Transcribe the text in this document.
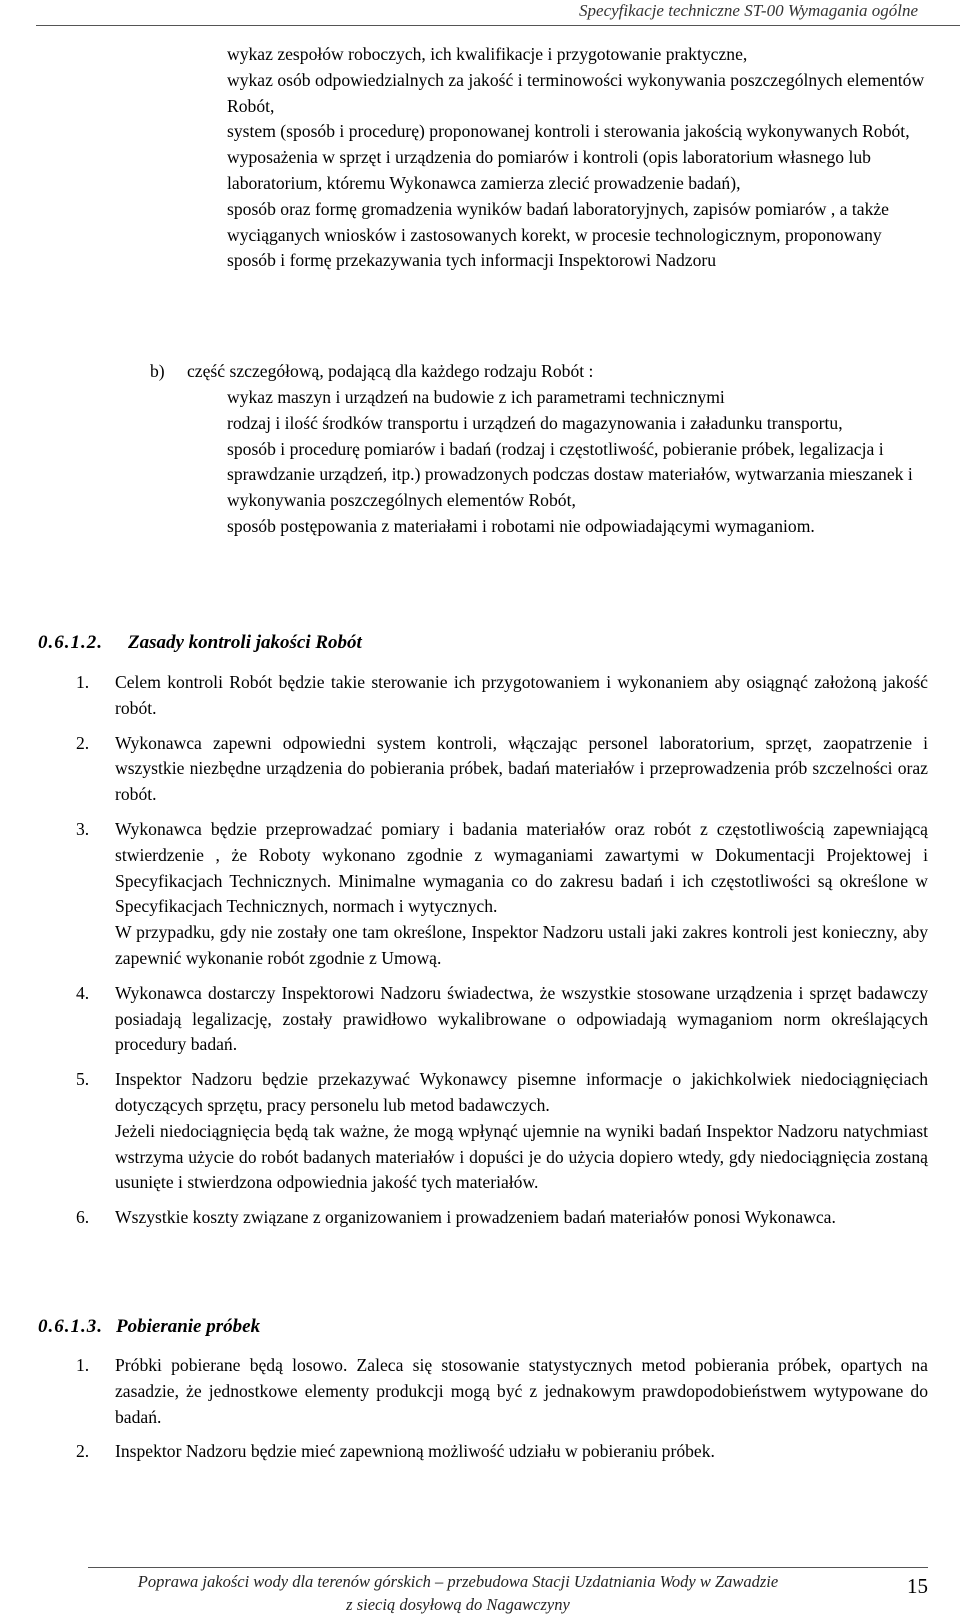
Specyfikacje techniczne ST-00 Wymagania ogólne
wykaz zespołów roboczych, ich kwalifikacje i przygotowanie praktyczne,
wykaz osób odpowiedzialnych za jakość i terminowości wykonywania poszczególnych elementów Robót,
system (sposób i procedurę) proponowanej kontroli i sterowania jakością wykonywanych Robót,
wyposażenia w sprzęt i urządzenia do pomiarów i kontroli (opis laboratorium własnego lub laboratorium, któremu Wykonawca zamierza zlecić prowadzenie badań),
sposób oraz formę gromadzenia wyników badań laboratoryjnych, zapisów pomiarów , a także wyciąganych wniosków i zastosowanych korekt, w procesie technologicznym, proponowany sposób i formę przekazywania tych informacji Inspektorowi Nadzoru
b) część szczegółową, podającą dla każdego rodzaju Robót :
wykaz maszyn i urządzeń na budowie z ich parametrami technicznymi
rodzaj i ilość środków transportu i urządzeń do magazynowania i załadunku transportu,
sposób i procedurę pomiarów i badań (rodzaj i częstotliwość, pobieranie próbek, legalizacja i sprawdzanie urządzeń, itp.) prowadzonych podczas dostaw materiałów, wytwarzania mieszanek i wykonywania poszczególnych elementów Robót,
sposób postępowania z materiałami i robotami nie odpowiadającymi wymaganiom.
0.6.1.2. Zasady kontroli jakości Robót
1.	Celem kontroli Robót będzie takie sterowanie ich przygotowaniem i wykonaniem aby osiągnąć założoną jakość robót.
2.	Wykonawca zapewni odpowiedni system kontroli, włączając personel laboratorium, sprzęt, zaopatrzenie i wszystkie niezbędne urządzenia do pobierania próbek, badań materiałów i przeprowadzenia prób szczelności oraz robót.
3.	Wykonawca będzie przeprowadzać pomiary i badania materiałów oraz robót z częstotliwością zapewniającą stwierdzenie , że Roboty wykonano zgodnie z wymaganiami zawartymi w Dokumentacji Projektowej i Specyfikacjach Technicznych. Minimalne wymagania co do zakresu badań i ich częstotliwości są określone w Specyfikacjach Technicznych, normach i wytycznych.
W przypadku, gdy nie zostały one tam określone, Inspektor Nadzoru ustali jaki zakres kontroli jest konieczny, aby zapewnić wykonanie robót zgodnie z Umową.
4.	Wykonawca dostarczy Inspektorowi Nadzoru świadectwa, że wszystkie stosowane urządzenia i sprzęt badawczy posiadają legalizację, zostały prawidłowo wykalibrowane o odpowiadają wymaganiom norm określających procedury badań.
5.	Inspektor Nadzoru będzie przekazywać Wykonawcy pisemne informacje o jakichkolwiek niedociągnięciach dotyczących sprzętu, pracy personelu lub metod badawczych.
Jeżeli niedociągnięcia będą tak ważne, że mogą wpłynąć ujemnie na wyniki badań Inspektor Nadzoru natychmiast wstrzyma użycie do robót badanych materiałów i dopuści je do użycia dopiero wtedy, gdy niedociągnięcia zostaną usunięte i stwierdzona odpowiednia jakość tych materiałów.
6.	Wszystkie koszty związane z organizowaniem i prowadzeniem badań materiałów ponosi Wykonawca.
0.6.1.3. Pobieranie próbek
1.	Próbki pobierane będą losowo. Zaleca się stosowanie statystycznych metod pobierania próbek, opartych na zasadzie, że jednostkowe elementy produkcji mogą być z jednakowym prawdopodobieństwem wytypowane do badań.
2.	Inspektor Nadzoru będzie mieć zapewnioną możliwość udziału w pobieraniu próbek.
Poprawa jakości wody dla terenów górskich – przebudowa Stacji Uzdatniania Wody w Zawadzie
z siecią dosyłową do Nagawczyny
15
